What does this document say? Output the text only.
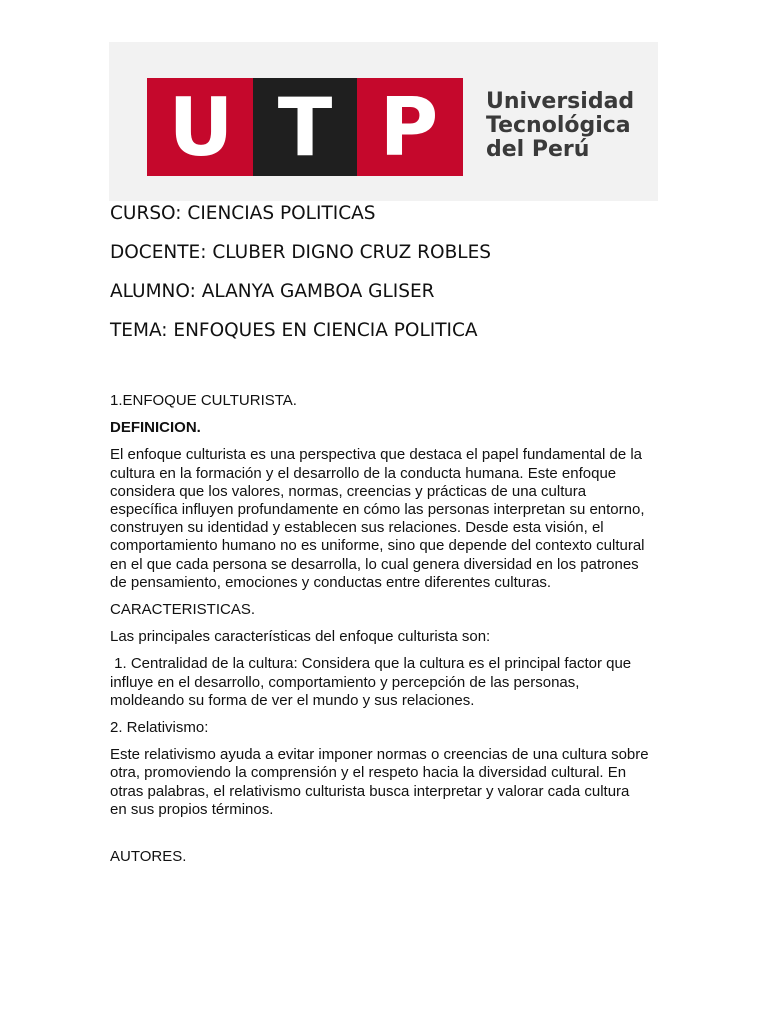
U T P	Universidad
Tecnológica
del Perú
CURSO: CIENCIAS POLITICAS
DOCENTE: CLUBER DIGNO CRUZ ROBLES
ALUMNO: ALANYA GAMBOA GLISER
TEMA: ENFOQUES EN CIENCIA POLITICA

1.ENFOQUE CULTURISTA.

DEFINICION.

El enfoque culturista es una perspectiva que destaca el papel fundamental de la cultura en la formación y el desarrollo de la conducta humana. Este enfoque considera que los valores, normas, creencias y prácticas de una cultura específica influyen profundamente en cómo las personas interpretan su entorno, construyen su identidad y establecen sus relaciones. Desde esta visión, el comportamiento humano no es uniforme, sino que depende del contexto cultural en el que cada persona se desarrolla, lo cual genera diversidad en los patrones de pensamiento, emociones y conductas entre diferentes culturas.

CARACTERISTICAS.

Las principales características del enfoque culturista son:

1. Centralidad de la cultura: Considera que la cultura es el principal factor que influye en el desarrollo, comportamiento y percepción de las personas, moldeando su forma de ver el mundo y sus relaciones.

2. Relativismo:

Este relativismo ayuda a evitar imponer normas o creencias de una cultura sobre otra, promoviendo la comprensión y el respeto hacia la diversidad cultural. En otras palabras, el relativismo culturista busca interpretar y valorar cada cultura en sus propios términos.

AUTORES.
